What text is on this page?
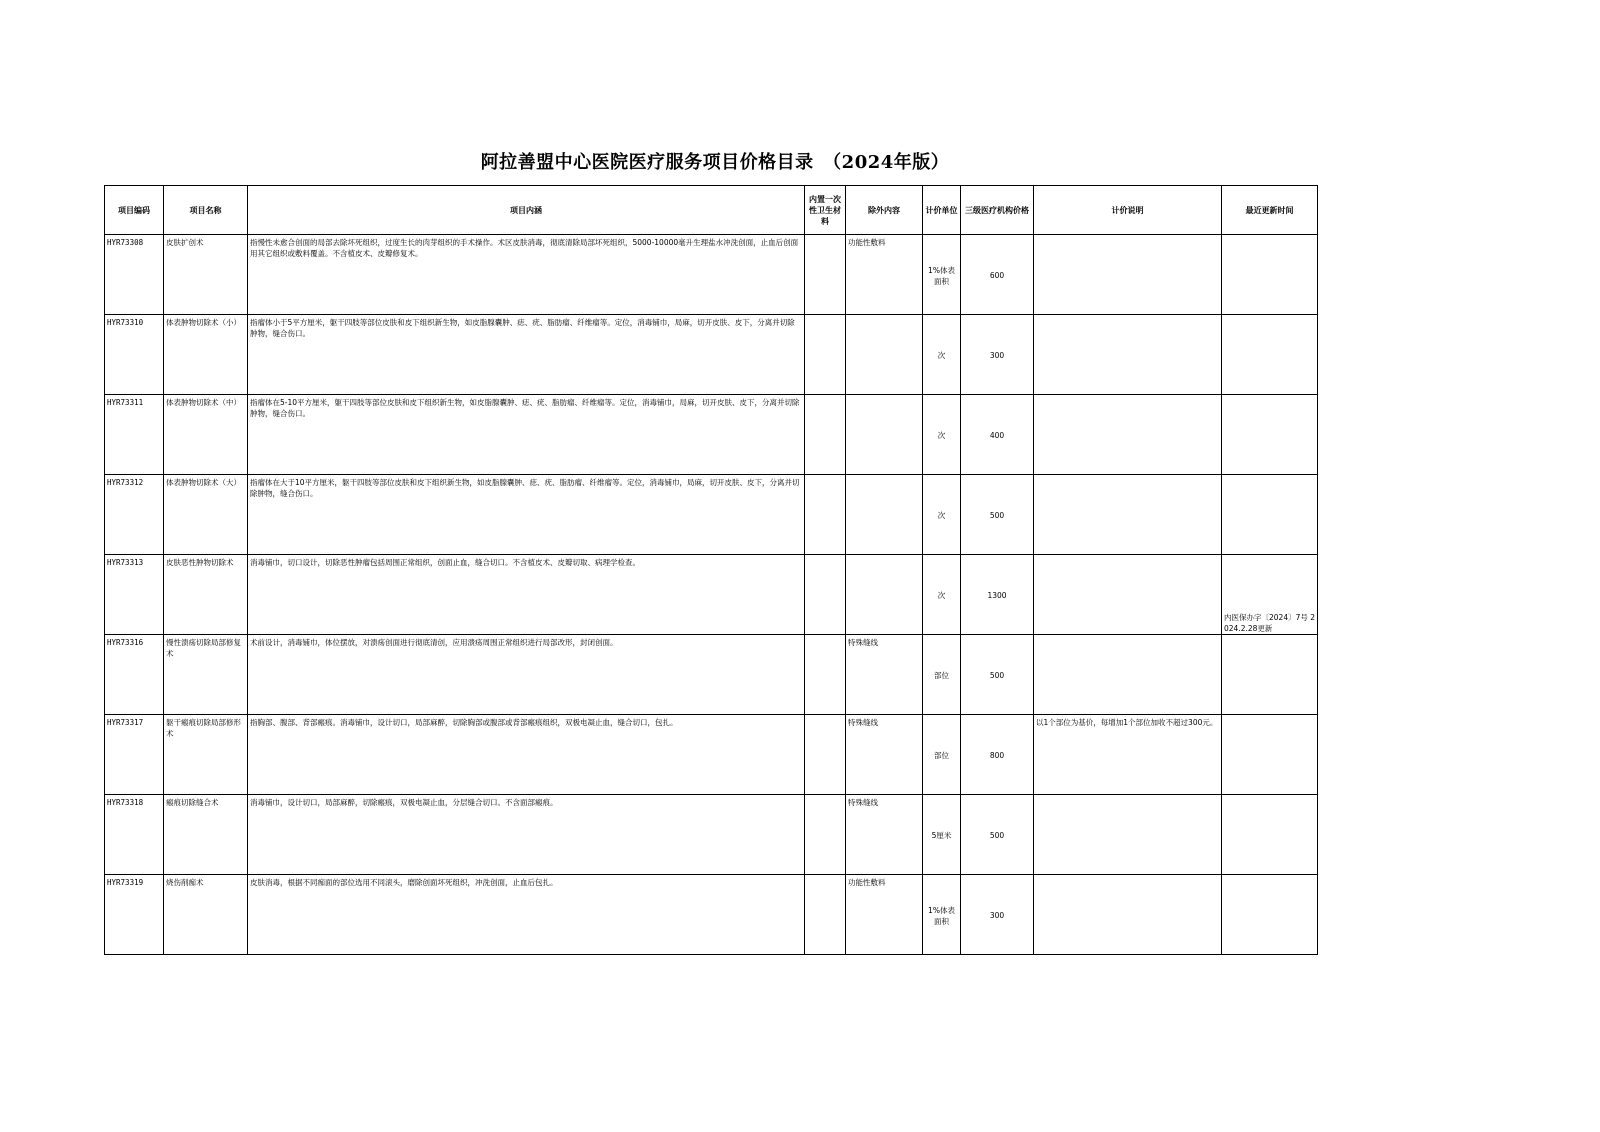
阿拉善盟中心医院医疗服务项目价格目录　（2024年版）
项目编码	项目名称	项目内涵	内置一次性卫生材料	除外内容	计价单位	三级医疗机构价格	计价说明	最近更新时间
HYR73308	皮肤扩创术	指慢性未愈合创面的局部去除坏死组织，过度生长的肉芽组织的手术操作。术区皮肤消毒，彻底清除局部坏死组织，5000-10000毫升生理盐水冲洗创面，止血后创面用其它组织或敷料覆盖。不含植皮术、皮瓣修复术。		功能性敷料	1%体表面积	600		
HYR73310	体表肿物切除术（小）	指瘤体小于5平方厘米，躯干四肢等部位皮肤和皮下组织新生物，如皮脂腺囊肿、痣、疣、脂肪瘤、纤维瘤等。定位，消毒铺巾，局麻，切开皮肤、皮下，分离并切除肿物，缝合伤口。			次	300		
HYR73311	体表肿物切除术（中）	指瘤体在5-10平方厘米，躯干四肢等部位皮肤和皮下组织新生物，如皮脂腺囊肿、痣、疣、脂肪瘤、纤维瘤等。定位，消毒铺巾，局麻，切开皮肤、皮下，分离并切除肿物，缝合伤口。			次	400		
HYR73312	体表肿物切除术（大）	指瘤体在大于10平方厘米，躯干四肢等部位皮肤和皮下组织新生物，如皮脂腺囊肿、痣、疣、脂肪瘤、纤维瘤等。定位，消毒铺巾，局麻，切开皮肤、皮下，分离并切除肿物，缝合伤口。			次	500		
HYR73313	皮肤恶性肿物切除术	消毒铺巾，切口设计，切除恶性肿瘤包括周围正常组织，创面止血，缝合切口。不含植皮术、皮瓣切取、病理学检查。			次	1300		内医保办字〔2024〕7号 2024.2.28更新
HYR73316	慢性溃疡切除局部修复术	术前设计，消毒铺巾，体位摆放，对溃疡创面进行彻底清创，应用溃疡周围正常组织进行局部改形，封闭创面。		特殊缝线	部位	500		
HYR73317	躯干瘢痕切除局部修形术	指胸部、腹部、背部瘢痕。消毒铺巾，设计切口，局部麻醉，切除胸部或腹部或背部瘢痕组织，双极电凝止血，缝合切口，包扎。		特殊缝线	部位	800	以1个部位为基价，每增加1个部位加收不超过300元。	
HYR73318	瘢痕切除缝合术	消毒铺巾，设计切口，局部麻醉，切除瘢痕，双极电凝止血，分层缝合切口。不含面部瘢痕。		特殊缝线	5厘米	500		
HYR73319	烧伤削痂术	皮肤消毒，根据不同痂面的部位选用不同滚头，磨除创面坏死组织，冲洗创面，止血后包扎。		功能性敷料	1%体表面积	300		
